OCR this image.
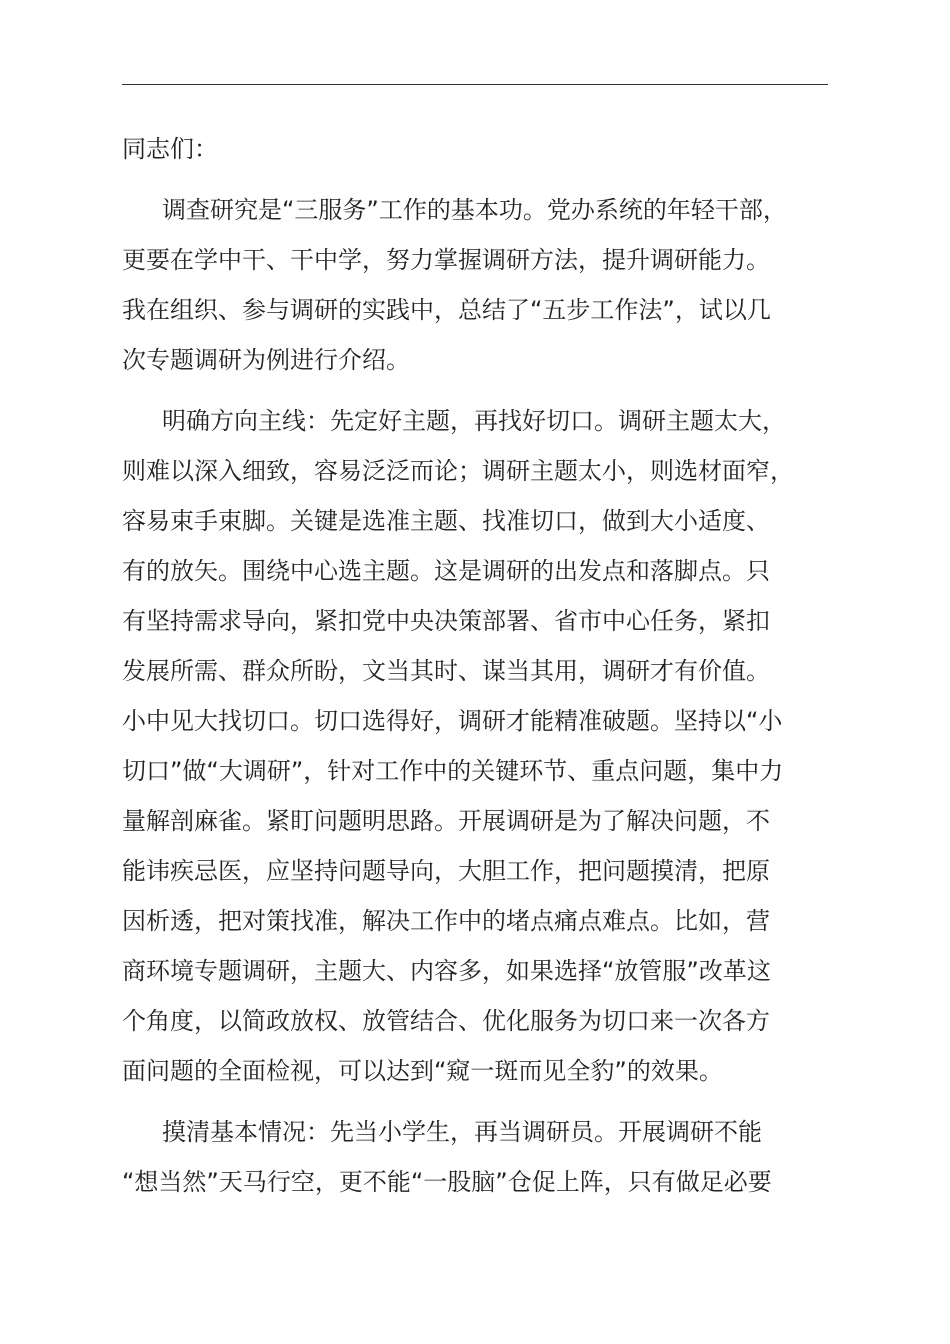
同志们：

调查研究是“三服务”工作的基本功。党办系统的年轻干部，
更要在学中干、干中学，努力掌握调研方法，提升调研能力。
我在组织、参与调研的实践中，总结了“五步工作法”，试以几
次专题调研为例进行介绍。
明确方向主线：先定好主题，再找好切口。调研主题太大，
则难以深入细致，容易泛泛而论；调研主题太小，则选材面窄，
容易束手束脚。关键是选准主题、找准切口，做到大小适度、
有的放矢。围绕中心选主题。这是调研的出发点和落脚点。只
有坚持需求导向，紧扣党中央决策部署、省市中心任务，紧扣
发展所需、群众所盼，文当其时、谋当其用，调研才有价值。
小中见大找切口。切口选得好，调研才能精准破题。坚持以“小
切口”做“大调研”，针对工作中的关键环节、重点问题，集中力
量解剖麻雀。紧盯问题明思路。开展调研是为了解决问题，不
能讳疾忌医，应坚持问题导向，大胆工作，把问题摸清，把原
因析透，把对策找准，解决工作中的堵点痛点难点。比如，营
商环境专题调研，主题大、内容多，如果选择“放管服”改革这
个角度，以简政放权、放管结合、优化服务为切口来一次各方
面问题的全面检视，可以达到“窥一斑而见全豹”的效果。
摸清基本情况：先当小学生，再当调研员。开展调研不能
“想当然”天马行空，更不能“一股脑”仓促上阵，只有做足必要
